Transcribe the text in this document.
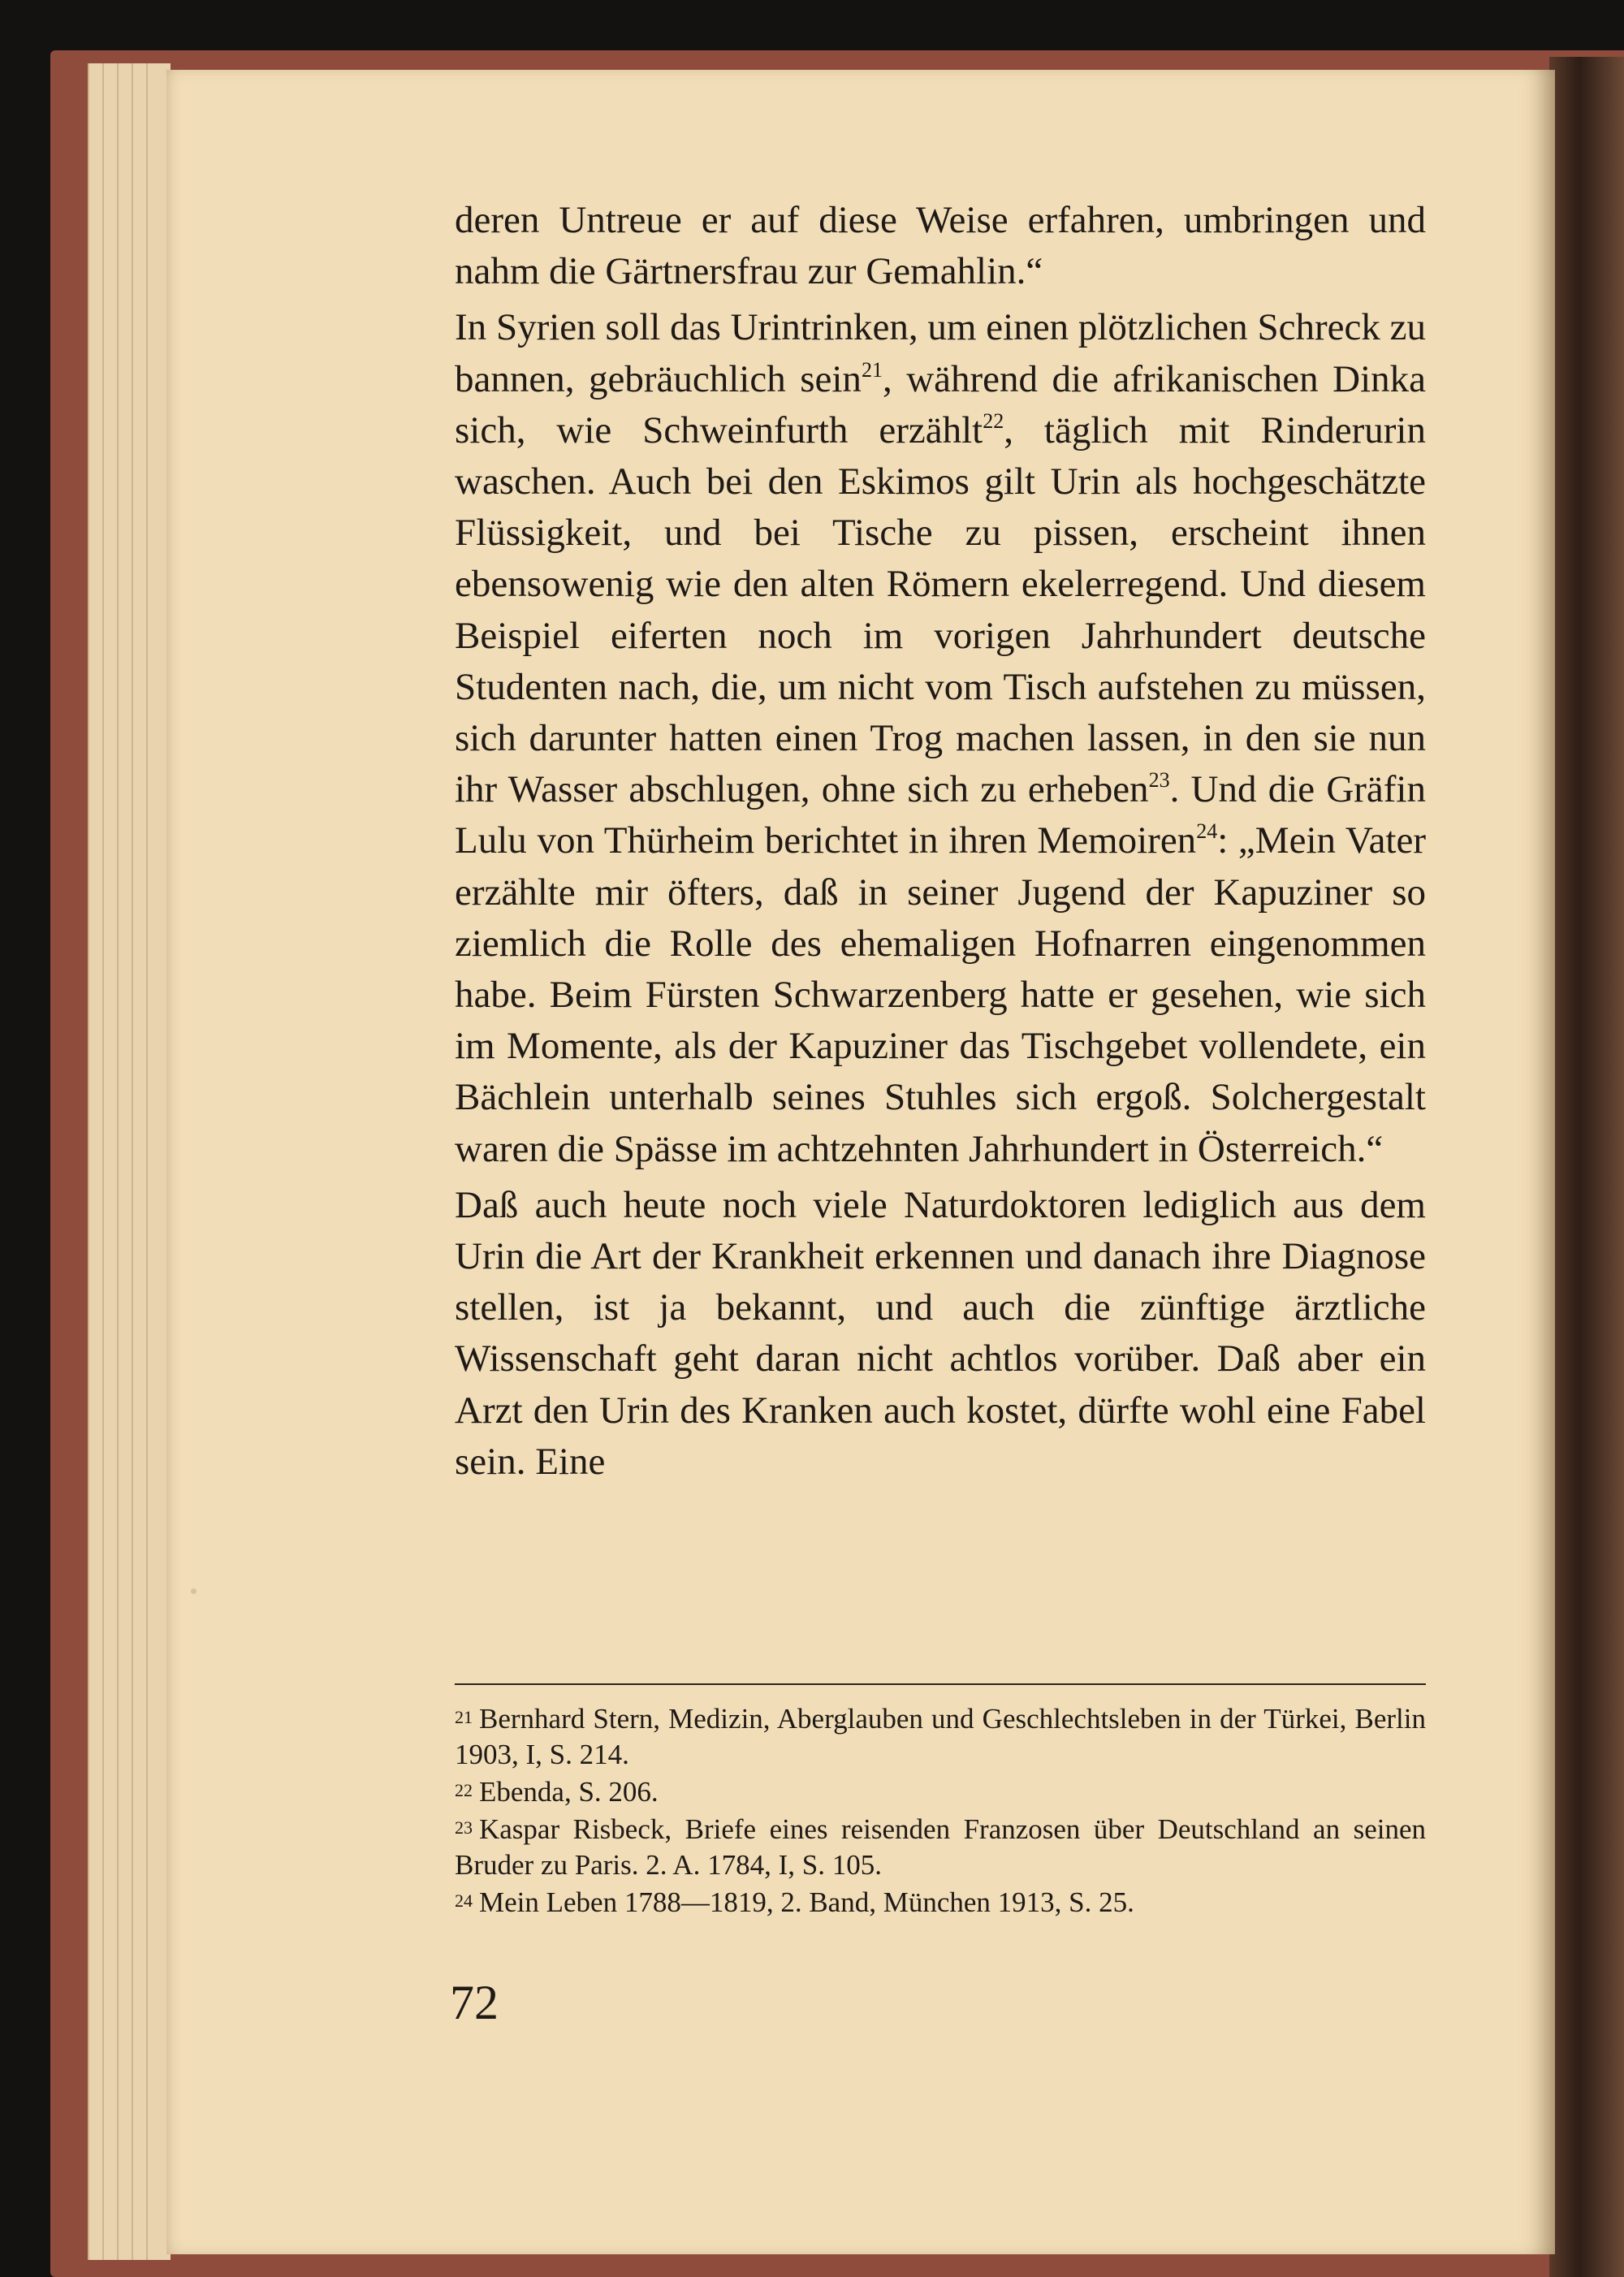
deren Untreue er auf diese Weise erfahren, umbringen und nahm die Gärtnersfrau zur Gemahlin.“

In Syrien soll das Urintrinken, um einen plötzlichen Schreck zu bannen, gebräuchlich sein$^{21}$, während die afrikanischen Dinka sich, wie Schweinfurth erzählt$^{22}$, täglich mit Rinderurin waschen. Auch bei den Eskimos gilt Urin als hochgeschätzte Flüssigkeit, und bei Tische zu pissen, erscheint ihnen ebensowenig wie den alten Römern ekelerregend. Und diesem Beispiel eiferten noch im vorigen Jahrhundert deutsche Studenten nach, die, um nicht vom Tisch aufstehen zu müssen, sich darunter hatten einen Trog machen lassen, in den sie nun ihr Wasser abschlugen, ohne sich zu erheben$^{23}$. Und die Gräfin Lulu von Thürheim berichtet in ihren Memoiren$^{24}$: „Mein Vater erzählte mir öfters, daß in seiner Jugend der Kapuziner so ziemlich die Rolle des ehemaligen Hofnarren eingenommen habe. Beim Fürsten Schwarzenberg hatte er gesehen, wie sich im Momente, als der Kapuziner das Tischgebet vollendete, ein Bächlein unterhalb seines Stuhles sich ergoß. Solchergestalt waren die Spässe im achtzehnten Jahrhundert in Österreich.“

Daß auch heute noch viele Naturdoktoren lediglich aus dem Urin die Art der Krankheit erkennen und danach ihre Diagnose stellen, ist ja bekannt, und auch die zünftige ärztliche Wissenschaft geht daran nicht achtlos vorüber. Daß aber ein Arzt den Urin des Kranken auch kostet, dürfte wohl eine Fabel sein. Eine

$^{21}$ Bernhard Stern, Medizin, Aberglauben und Geschlechtsleben in der Türkei, Berlin 1903, I, S. 214.
$^{22}$ Ebenda, S. 206.
$^{23}$ Kaspar Risbeck, Briefe eines reisenden Franzosen über Deutschland an seinen Bruder zu Paris. 2. A. 1784, I, S. 105.
$^{24}$ Mein Leben 1788—1819, 2. Band, München 1913, S. 25.
72
